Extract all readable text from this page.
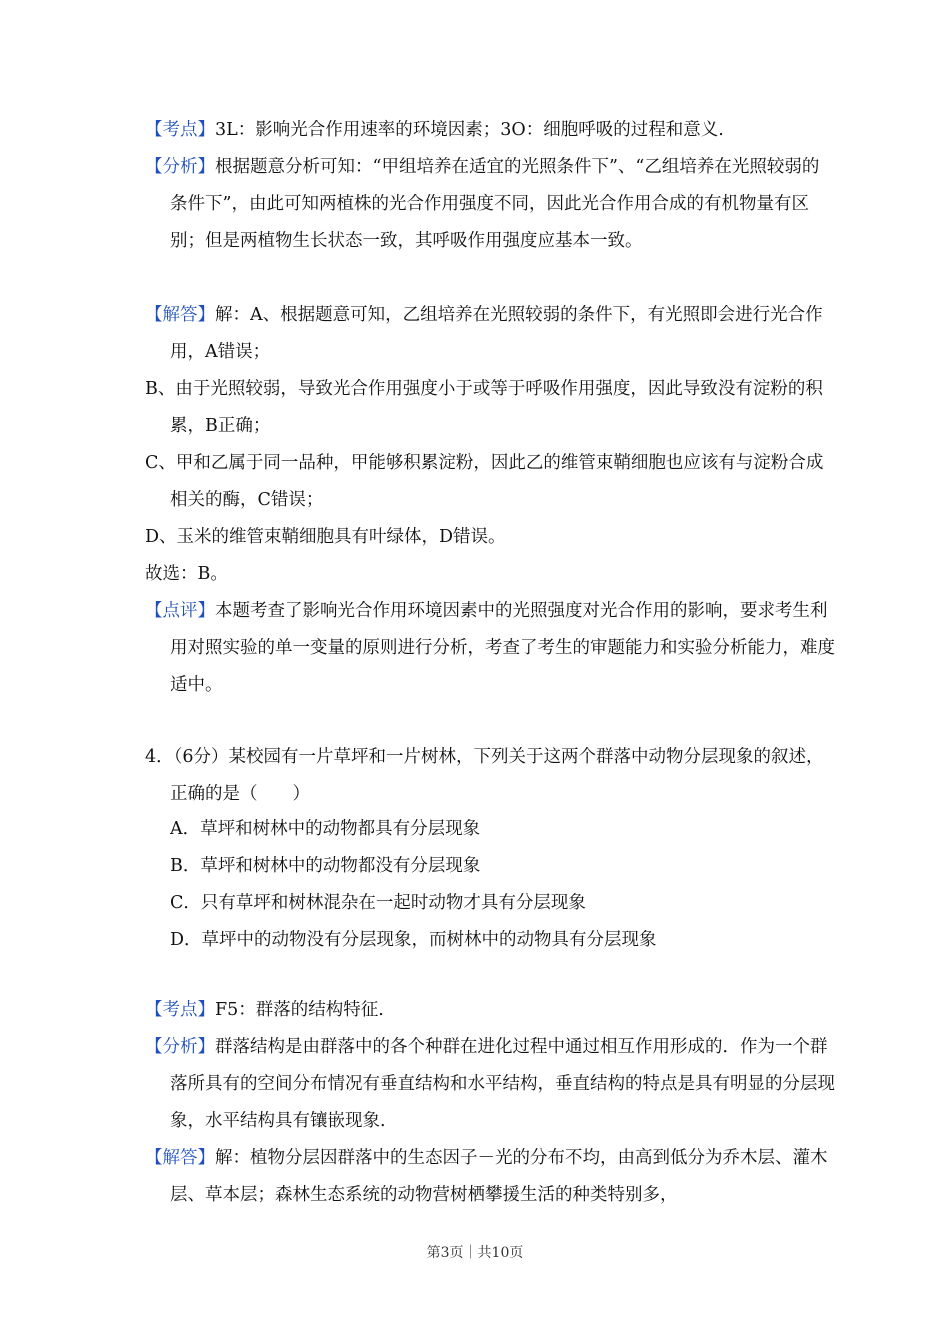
【考点】3L：影响光合作用速率的环境因素；3O：细胞呼吸的过程和意义.

【分析】根据题意分析可知：“甲组培养在适宜的光照条件下”、“乙组培养在光照较弱的条件下”，由此可知两植株的光合作用强度不同，因此光合作用合成的有机物量有区别；但是两植物生长状态一致，其呼吸作用强度应基本一致。

【解答】解：A、根据题意可知，乙组培养在光照较弱的条件下，有光照即会进行光合作用，A错误；

B、由于光照较弱，导致光合作用强度小于或等于呼吸作用强度，因此导致没有淀粉的积累，B正确；

C、甲和乙属于同一品种，甲能够积累淀粉，因此乙的维管束鞘细胞也应该有与淀粉合成相关的酶，C错误；

D、玉米的维管束鞘细胞具有叶绿体，D错误。

故选：B。

【点评】本题考查了影响光合作用环境因素中的光照强度对光合作用的影响，要求考生利用对照实验的单一变量的原则进行分析，考查了考生的审题能力和实验分析能力，难度适中。

4．（6分）某校园有一片草坪和一片树林，下列关于这两个群落中动物分层现象的叙述，正确的是（　　）

A．草坪和树林中的动物都具有分层现象

B．草坪和树林中的动物都没有分层现象

C．只有草坪和树林混杂在一起时动物才具有分层现象

D．草坪中的动物没有分层现象，而树林中的动物具有分层现象

【考点】F5：群落的结构特征.

【分析】群落结构是由群落中的各个种群在进化过程中通过相互作用形成的．作为一个群落所具有的空间分布情况有垂直结构和水平结构，垂直结构的特点是具有明显的分层现象，水平结构具有镶嵌现象.

【解答】解：植物分层因群落中的生态因子－光的分布不均，由高到低分为乔木层、灌木层、草本层；森林生态系统的动物营树栖攀援生活的种类特别多，

第3页｜共10页
